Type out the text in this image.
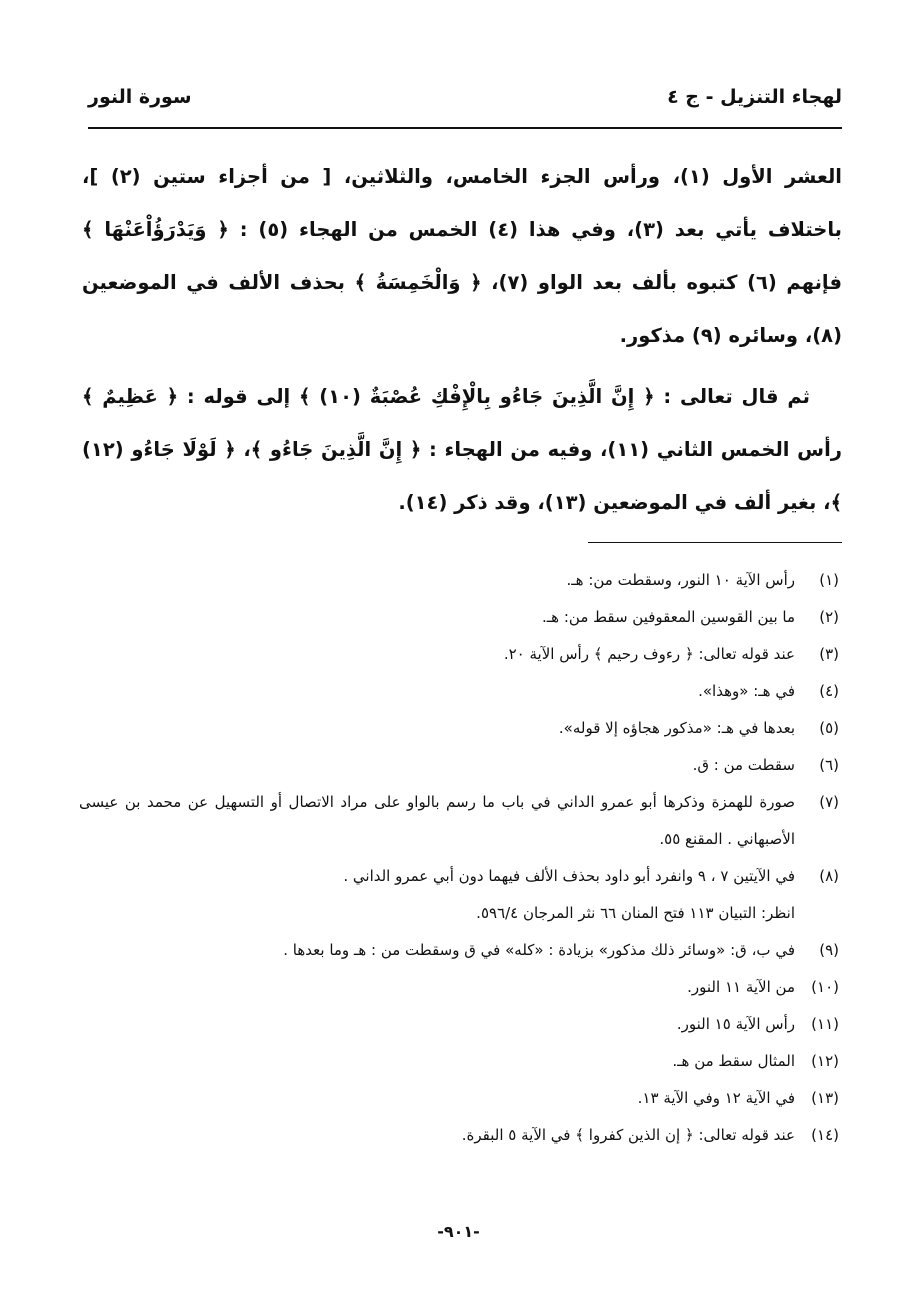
لهجاء التنزيل - ج ٤
سورة النور

العشر الأول (١)، ورأس الجزء الخامس، والثلاثين، [ من أجزاء ستين (٢) ]، باختلاف يأتي بعد (٣)، وفي هذا (٤) الخمس من الهجاء (٥) : ﴿ وَيَدْرَؤُاْعَنْهَا ﴾ فإنهم (٦) كتبوه بألف بعد الواو (٧)، ﴿ وَالْخَمِسَةُ ﴾ بحذف الألف في الموضعين (٨)، وسائره (٩) مذكور.

ثم قال تعالى : ﴿ إِنَّ الَّذِينَ جَاءُو بِالْإِفْكِ عُصْبَةٌ (١٠) ﴾ إلى قوله : ﴿ عَظِيمٌ ﴾ رأس الخمس الثاني (١١)، وفيه من الهجاء : ﴿ إِنَّ الَّذِينَ جَاءُو ﴾، ﴿ لَوْلَا جَاءُو (١٢) ﴾، بغير ألف في الموضعين (١٣)، وقد ذكر (١٤).

(١)
رأس الآية ١٠ النور، وسقطت من: هـ.
(٢)
ما بين القوسين المعقوفين سقط من: هـ.
(٣)
عند قوله تعالى: ﴿ رءوف رحيم ﴾ رأس الآية ٢٠.
(٤)
في هـ: «وهذا».
(٥)
بعدها في هـ: «مذكور هجاؤه إلا قوله».
(٦)
سقطت من : ق.
(٧)
صورة للهمزة وذكرها أبو عمرو الداني في باب ما رسم بالواو على مراد الاتصال أو التسهيل عن محمد بن عيسى الأصبهاني . المقنع ٥٥.
(٨)
في الآيتين ٧ ، ٩ وانفرد أبو داود بحذف الألف فيهما دون أبي عمرو الداني .
انظر: التبيان ١١٣ فتح المنان ٦٦ نثر المرجان ٥٩٦/٤.
(٩)
في ب، ق: «وسائر ذلك مذكور» بزيادة : «كله» في ق وسقطت من : هـ وما بعدها .
(١٠)
من الآية ١١ النور.
(١١)
رأس الآية ١٥ النور.
(١٢)
المثال سقط من هـ.
(١٣)
في الآية ١٢ وفي الآية ١٣.
(١٤)
عند قوله تعالى: ﴿ إن الذين كفروا ﴾ في الآية ٥ البقرة.
-٩٠١-
